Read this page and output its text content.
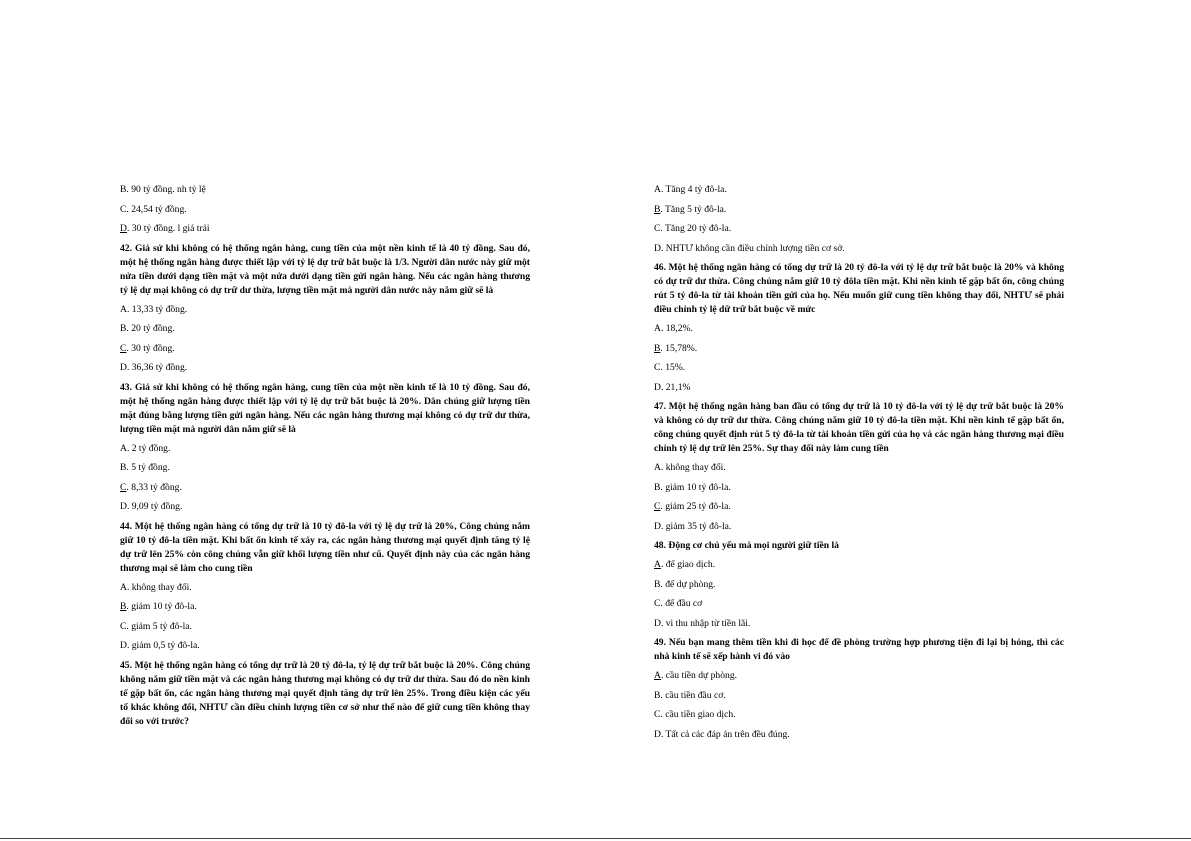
B. 90 tỷ đồng. nh tỷ lệ
C. 24,54 tỷ đồng.
D. 30 tỷ đồng. l giá trải
42. Giả sử khi không có hệ thống ngân hàng, cung tiền của một nền kinh tế là 40 tỷ đồng. Sau đó, một hệ thống ngân hàng được thiết lập với tỷ lệ dự trữ bắt buộc là 1/3. Người dân nước này giữ một nửa tiền dưới dạng tiền mặt và một nửa dưới dạng tiền gửi ngân hàng. Nếu các ngân hàng thương tỷ lệ dự mại không có dự trữ dư thừa, lượng tiền mặt mà người dân nước này nắm giữ sẽ là
A. 13,33 tỷ đồng.
B. 20 tỷ đồng.
C. 30 tỷ đồng.
D. 36,36 tỷ đồng.
43. Giả sử khi không có hệ thống ngân hàng, cung tiền của một nền kinh tế là 10 tỷ đồng. Sau đó, một hệ thống ngân hàng được thiết lập với tỷ lệ dự trữ bắt buộc là 20%. Dân chúng giữ lượng tiền mặt đúng bằng lượng tiền gửi ngân hàng. Nếu các ngân hàng thương mại không có dự trữ dư thừa, lượng tiền mặt mà người dân nắm giữ sẽ là
A. 2 tỷ đồng.
B. 5 tỷ đồng.
C. 8,33 tỷ đồng.
D. 9,09 tỷ đồng.
44. Một hệ thống ngân hàng có tổng dự trữ là 10 tỷ đô-la với tỷ lệ dự trữ là 20%, Công chúng nắm giữ 10 tỷ đô-la tiền mặt. Khi bất ổn kinh tế xảy ra, các ngân hàng thương mại quyết định tăng tỷ lệ dự trữ lên 25% còn công chúng vẫn giữ khối lượng tiền như cũ. Quyết định này của các ngân hàng thương mại sẽ làm cho cung tiền
A. không thay đổi.
B. giảm 10 tỷ đô-la.
C. giảm 5 tỷ đô-la.
D. giảm 0,5 tỷ đô-la.
45. Một hệ thống ngân hàng có tổng dự trữ là 20 tỷ đô-la, tỷ lệ dự trữ bắt buộc là 20%. Công chúng không nắm giữ tiền mặt và các ngân hàng thương mại không có dự trữ dư thừa. Sau đó do nền kinh tế gặp bất ổn, các ngân hàng thương mại quyết định tăng dự trữ lên 25%. Trong điều kiện các yếu tố khác không đổi, NHTƯ cần điều chỉnh lượng tiền cơ sở như thế nào để giữ cung tiền không thay đổi so với trước?
A. Tăng 4 tỷ đô-la.
B. Tăng 5 tỷ đô-la.
C. Tăng 20 tỷ đô-la.
D. NHTƯ không cần điều chỉnh lượng tiền cơ sở.
46. Một hệ thống ngân hàng có tổng dự trữ là 20 tỷ đô-la với tỷ lệ dự trữ bắt buộc là 20% và không có dự trữ dư thừa. Công chúng nắm giữ 10 tỷ đôla tiền mặt. Khi nền kinh tế gặp bất ổn, công chúng rút 5 tỷ đô-la từ tài khoản tiền gửi của họ. Nếu muốn giữ cung tiền không thay đổi, NHTƯ sẽ phải điều chỉnh tỷ lệ dữ trữ bắt buộc về mức
A. 18,2%.
B. 15,78%.
C. 15%.
D. 21,1%
47. Một hệ thống ngân hàng ban đầu có tổng dự trữ là 10 tỷ đô-la với tỷ lệ dự trữ bắt buộc là 20% và không có dự trữ dư thừa. Công chúng nắm giữ 10 tỷ đô-la tiền mặt. Khi nền kinh tế gặp bất ổn, công chúng quyết định rút 5 tỷ đô-la từ tài khoản tiền gửi của họ và các ngân hàng thương mại điều chỉnh tỷ lệ dự trữ lên 25%. Sự thay đổi này làm cung tiền
A. không thay đổi.
B. giảm 10 tỷ đô-la.
C. giảm 25 tỷ đô-la.
D. giảm 35 tỷ đô-la.
48. Động cơ chủ yếu mà mọi người giữ tiền là
A. để giao dịch.
B. để dự phòng.
C. để đầu cơ
D. vì thu nhập từ tiền lãi.
49. Nếu bạn mang thêm tiền khi đi học để đề phòng trường hợp phương tiện đi lại bị hỏng, thì các nhà kinh tế sẽ xếp hành vi đó vào
A. cầu tiền dự phòng.
B. cầu tiền đầu cơ.
C. cầu tiền giao dịch.
D. Tất cả các đáp án trên đều đúng.
